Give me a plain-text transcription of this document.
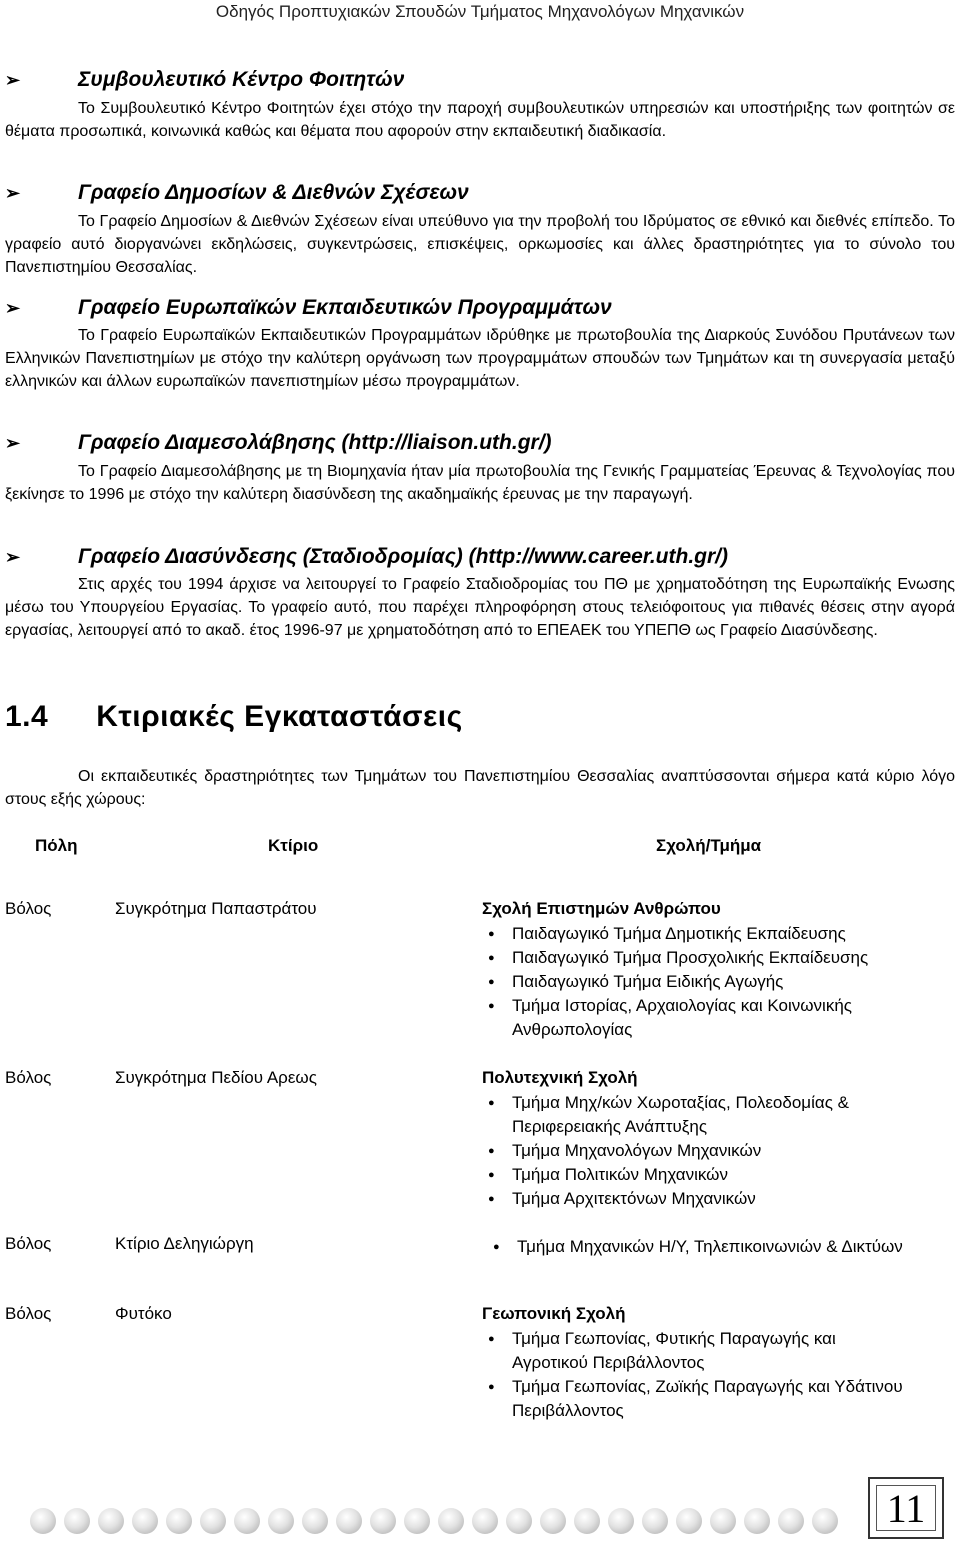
Οδηγός Προπτυχιακών Σπουδών Τμήματος Μηχανολόγων Μηχανικών
➢	Συμβουλευτικό Κέντρο Φοιτητών

Το Συμβουλευτικό Κέντρο Φοιτητών έχει στόχο την παροχή συμβουλευτικών υπηρεσιών και υποστήριξης των φοιτητών σε θέματα προσωπικά, κοινωνικά καθώς και θέματα που αφορούν στην εκπαιδευτική διαδικασία.

➢	Γραφείο Δημοσίων & Διεθνών Σχέσεων

Το Γραφείο Δημοσίων & Διεθνών Σχέσεων είναι υπεύθυνο για την προβολή του Ιδρύματος σε εθνικό και διεθνές επίπεδο. Το γραφείο αυτό διοργανώνει εκδηλώσεις, συγκεντρώσεις, επισκέψεις, ορκωμοσίες και άλλες δραστηριότητες για το σύνολο του Πανεπιστημίου Θεσσαλίας.

➢	Γραφείο Ευρωπαϊκών Εκπαιδευτικών Προγραμμάτων

Το Γραφείο Ευρωπαϊκών Εκπαιδευτικών Προγραμμάτων ιδρύθηκε με πρωτοβουλία της Διαρκούς Συνόδου Πρυτάνεων των Ελληνικών Πανεπιστημίων με στόχο την καλύτερη οργάνωση των προγραμμάτων σπουδών των Τμημάτων και τη συνεργασία μεταξύ ελληνικών και άλλων ευρωπαϊκών πανεπιστημίων μέσω προγραμμάτων.

➢	Γραφείο Διαμεσολάβησης (http://liaison.uth.gr/)

Το Γραφείο Διαμεσολάβησης με τη Βιομηχανία ήταν μία πρωτοβουλία της Γενικής Γραμματείας Έρευνας & Τεχνολογίας που ξεκίνησε το 1996 με στόχο την καλύτερη διασύνδεση της ακαδημαϊκής έρευνας με την παραγωγή.

➢	Γραφείο Διασύνδεσης (Σταδιοδρομίας) (http://www.career.uth.gr/)

Στις αρχές του 1994 άρχισε να λειτουργεί το Γραφείο Σταδιοδρομίας του ΠΘ με χρηματοδότηση της Ευρωπαϊκής Ενωσης μέσω του Υπουργείου Εργασίας. Το γραφείο αυτό, που παρέχει πληροφόρηση στους τελειόφοιτους για πιθανές θέσεις στην αγορά εργασίας, λειτουργεί από το ακαδ. έτος 1996-97 με χρηματοδότηση από το ΕΠΕΑΕΚ του ΥΠΕΠΘ ως Γραφείο Διασύνδεσης.

1.4 Κτιριακές Εγκαταστάσεις

Οι εκπαιδευτικές δραστηριότητες των Τμημάτων του Πανεπιστημίου Θεσσαλίας αναπτύσσονται σήμερα κατά κύριο λόγο στους εξής χώρους:

Πόλη	Κτίριο	Σχολή/Τμήμα
Βόλος	Συγκρότημα Παπαστράτου	Σχολή Επιστημών Ανθρώπου
● Παιδαγωγικό Τμήμα Δημοτικής Εκπαίδευσης
● Παιδαγωγικό Τμήμα Προσχολικής Εκπαίδευσης
● Παιδαγωγικό Τμήμα Ειδικής Αγωγής
● Τμήμα Ιστορίας, Αρχαιολογίας και Κοινωνικής Ανθρωπολογίας
Βόλος	Συγκρότημα Πεδίου Αρεως	Πολυτεχνική Σχολή
● Τμήμα Μηχ/κών Χωροταξίας, Πολεοδομίας & Περιφερειακής Ανάπτυξης
● Τμήμα Μηχανολόγων Μηχανικών
● Τμήμα Πολιτικών Μηχανικών
● Τμήμα Αρχιτεκτόνων Μηχανικών
Βόλος	Κτίριο Δεληγιώργη
●	Τμήμα Μηχανικών Η/Υ, Τηλεπικοινωνιών & Δικτύων
Βόλος	Φυτόκο	Γεωπονική Σχολή
● Τμήμα Γεωπονίας, Φυτικής Παραγωγής και Αγροτικού Περιβάλλοντος
● Τμήμα Γεωπονίας, Ζωϊκής Παραγωγής και Υδάτινου Περιβάλλοντος
11
